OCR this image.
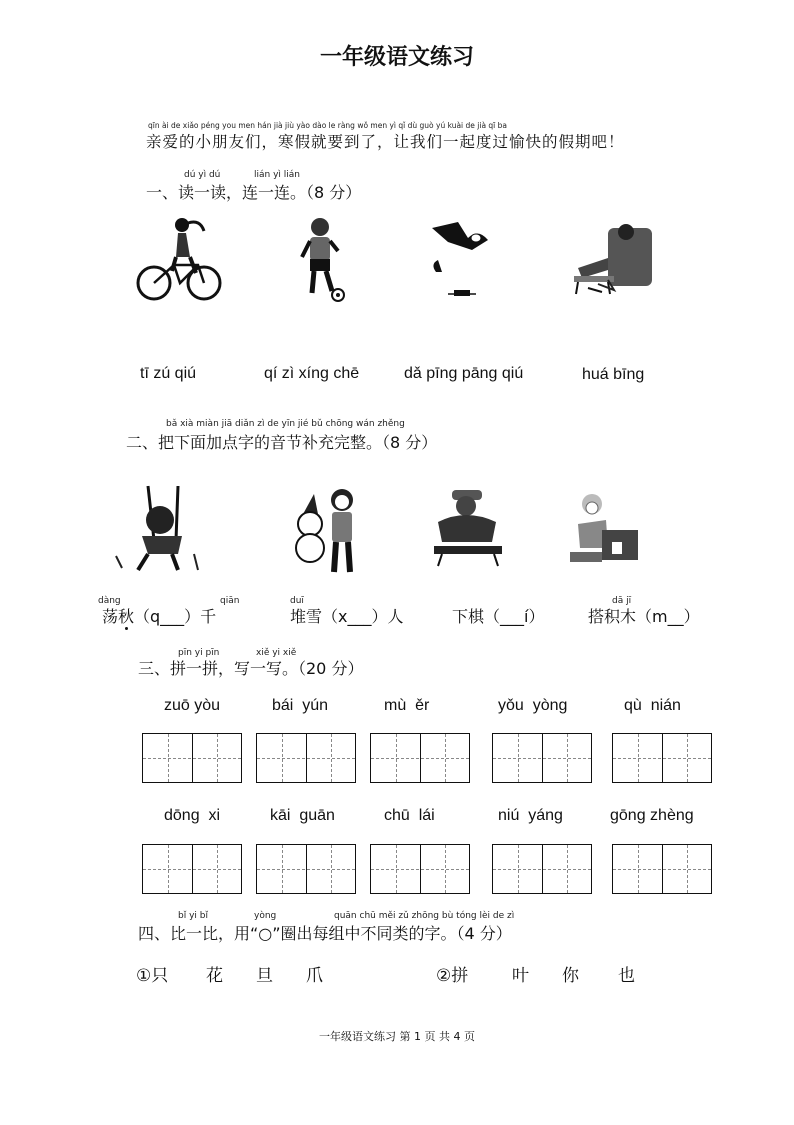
一年级语文练习
qīn ài de xiǎo péng you men hán jià jiù yào dào le ràng wǒ men yì qǐ dù guò yú kuài de jià qī ba
亲爱的小朋友们，寒假就要到了，让我们一起度过愉快的假期吧！
dú yì dú	lián yì lián
一、读一读，连一连。（8 分）
tī zú qiú	qí zì xíng chē	dǎ pīng pāng qiú	huá bīng
bǎ xià miàn jiā diǎn zì de yīn jié bǔ chōng wán zhěng
二、把下面加点字的音节补充完整。（8 分）
dàng	qiān
荡秋（q___）千
duī
堆雪（x___）人	下棋（___í）
dā jī
搭积木（m__）
pīn yi pīn	xiě yi xiě
三、拼一拼，写一写。（20 分）
zuō yòu	bái  yún	mù  ěr	yǒu  yòng	qù  nián
dōng  xi	kāi  guān	chū  lái	niú  yáng	gōng zhèng
bǐ yi bǐ	yòng	quān chū měi zǔ zhōng bù tóng lèi de zì
四、比一比，用“○”圈出每组中不同类的字。（4 分）
①只 花 旦 爪	②拼	叶 你 也
一年级语文练习 第 1 页 共 4 页
